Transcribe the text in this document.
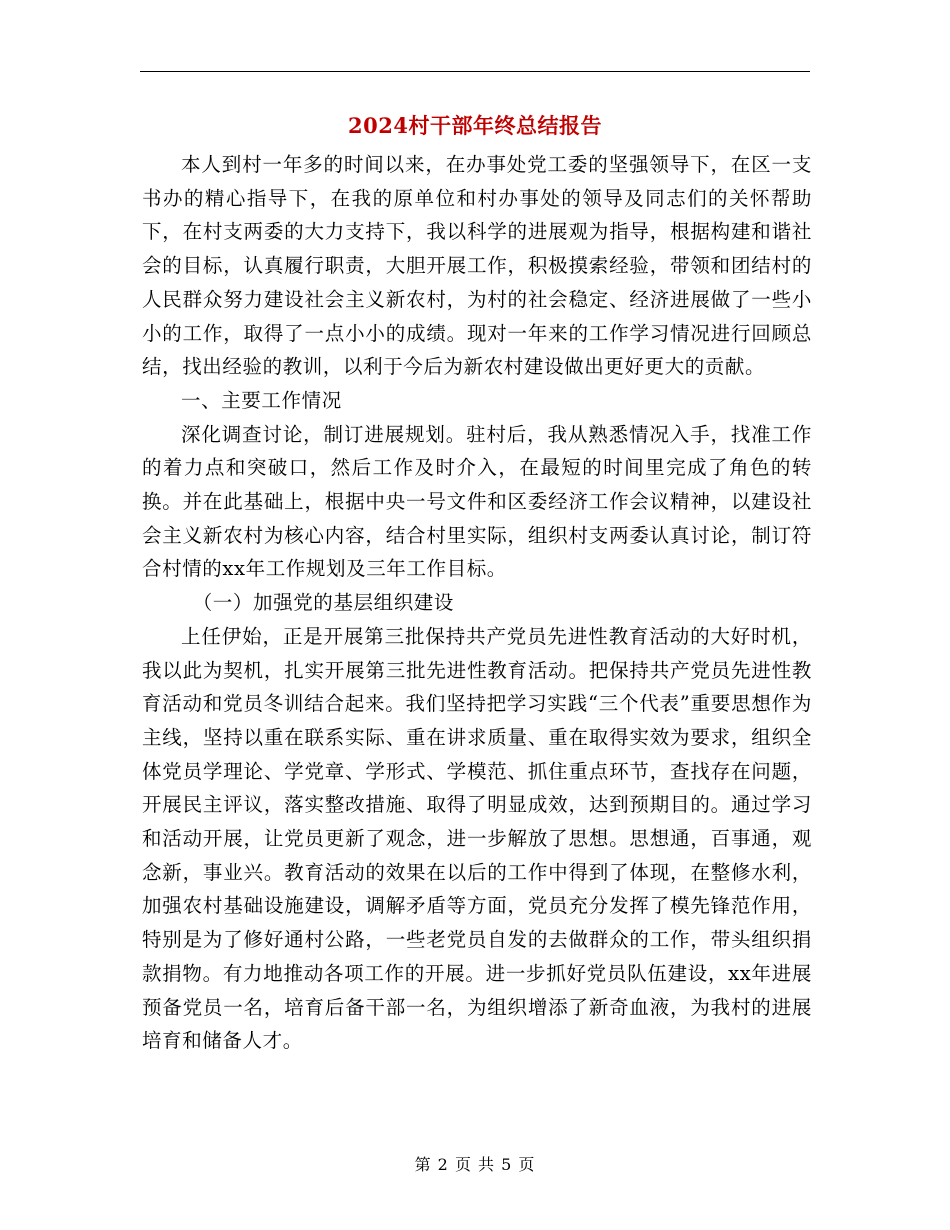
2024村干部年终总结报告

本人到村一年多的时间以来，在办事处党工委的坚强领导下，在区一支书办的精心指导下，在我的原单位和村办事处的领导及同志们的关怀帮助下，在村支两委的大力支持下，我以科学的进展观为指导，根据构建和谐社会的目标，认真履行职责，大胆开展工作，积极摸索经验，带领和团结村的人民群众努力建设社会主义新农村，为村的社会稳定、经济进展做了一些小小的工作，取得了一点小小的成绩。现对一年来的工作学习情况进行回顾总结，找出经验的教训，以利于今后为新农村建设做出更好更大的贡献。

一、主要工作情况

深化调查讨论，制订进展规划。驻村后，我从熟悉情况入手，找准工作的着力点和突破口，然后工作及时介入，在最短的时间里完成了角色的转换。并在此基础上，根据中央一号文件和区委经济工作会议精神，以建设社会主义新农村为核心内容，结合村里实际，组织村支两委认真讨论，制订符合村情的xx年工作规划及三年工作目标。

（一）加强党的基层组织建设

上任伊始，正是开展第三批保持共产党员先进性教育活动的大好时机，我以此为契机，扎实开展第三批先进性教育活动。把保持共产党员先进性教育活动和党员冬训结合起来。我们坚持把学习实践“三个代表”重要思想作为主线，坚持以重在联系实际、重在讲求质量、重在取得实效为要求，组织全体党员学理论、学党章、学形式、学模范、抓住重点环节，查找存在问题，开展民主评议，落实整改措施、取得了明显成效，达到预期目的。通过学习和活动开展，让党员更新了观念，进一步解放了思想。思想通，百事通，观念新，事业兴。教育活动的效果在以后的工作中得到了体现，在整修水利，加强农村基础设施建设，调解矛盾等方面，党员充分发挥了模先锋范作用，特别是为了修好通村公路，一些老党员自发的去做群众的工作，带头组织捐款捐物。有力地推动各项工作的开展。进一步抓好党员队伍建设，xx年进展预备党员一名，培育后备干部一名，为组织增添了新奇血液，为我村的进展培育和储备人才。

第 2 页 共 5 页
